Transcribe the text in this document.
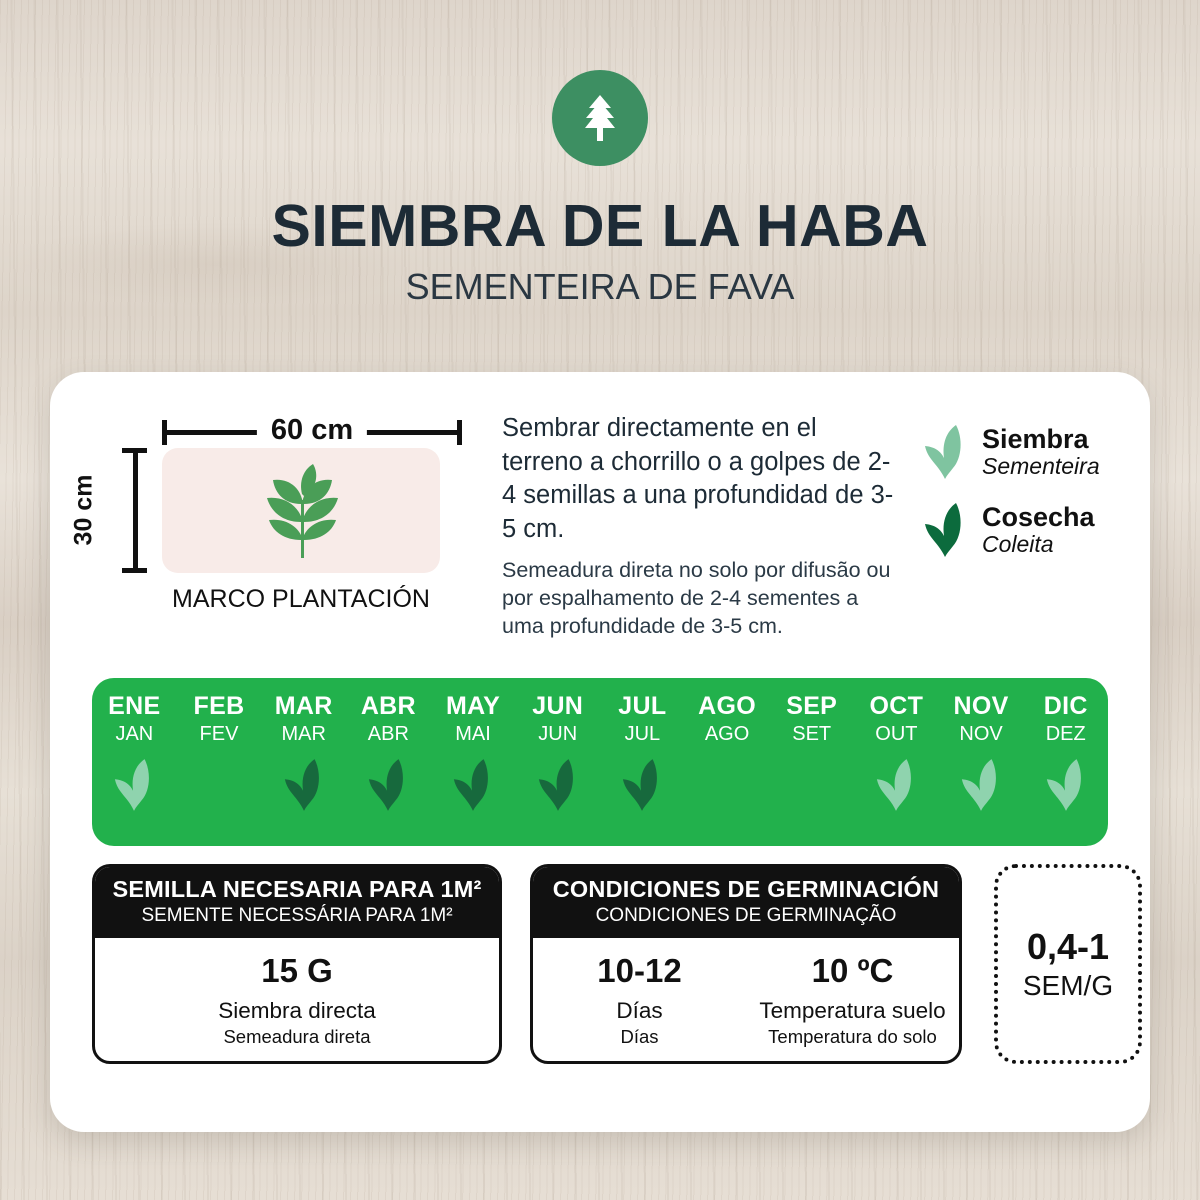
SIEMBRA DE LA HABA
SEMENTEIRA DE FAVA
60 cm
30 cm
MARCO PLANTACIÓN
Sembrar directamente en el terreno a chorrillo o a golpes de 2-4 semillas a una profundidad de 3-5 cm.
Semeadura direta no solo por difusão ou por espalhamento de 2-4 sementes a uma profundidade de 3-5 cm.
Siembra
Sementeira
Cosecha
Coleita
ENE
JAN
FEB
FEV
MAR
MAR
ABR
ABR
MAY
MAI
JUN
JUN
JUL
JUL
AGO
AGO
SEP
SET
OCT
OUT
NOV
NOV
DIC
DEZ
SEMILLA NECESARIA PARA 1M²
SEMENTE NECESSÁRIA PARA 1M²
15 G
Siembra directa
Semeadura direta
CONDICIONES DE GERMINACIÓN
CONDICIONES DE GERMINAÇÃO
10-12
Días
Días
10 ºC
Temperatura suelo
Temperatura do solo
0,4-1
SEM/G
